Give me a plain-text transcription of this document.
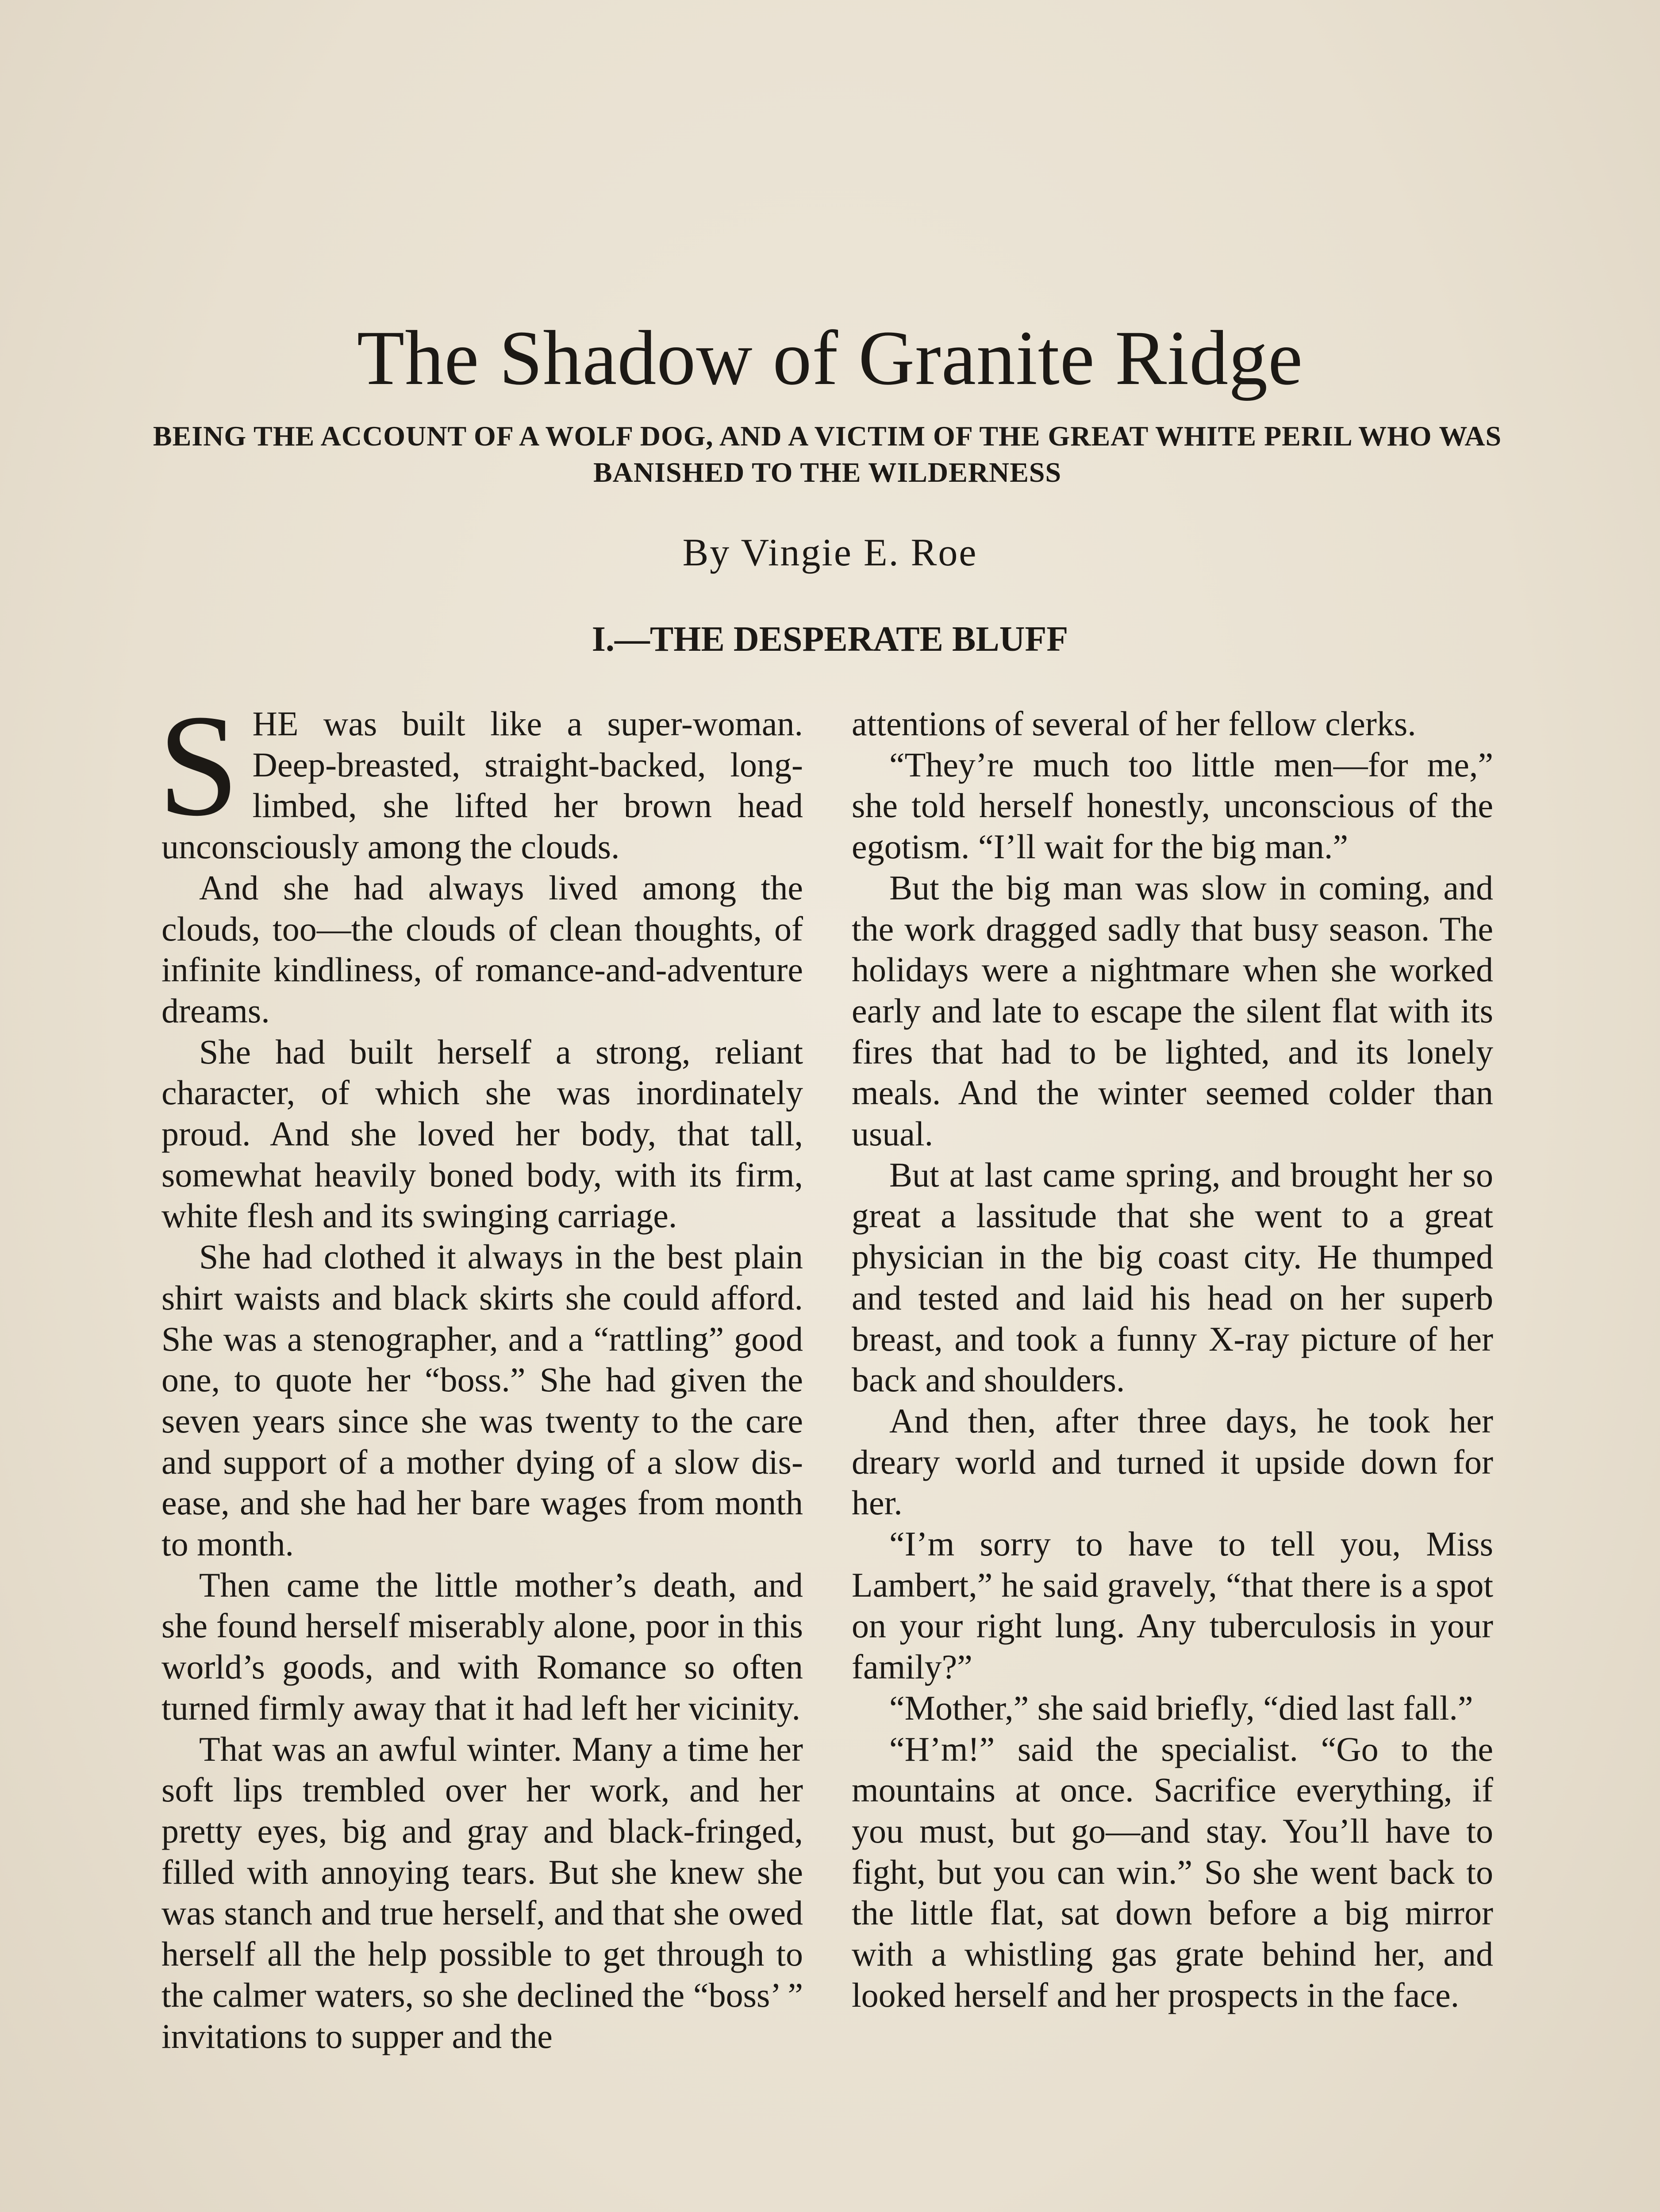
The Shadow of Granite Ridge
BEING THE ACCOUNT OF A WOLF DOG, AND A VICTIM OF THE GREAT WHITE PERIL WHO WAS BANISHED TO THE WILDERNESS
By Vingie E. Roe
I.—THE DESPERATE BLUFF

SHE was built like a super-woman. Deep-breasted, straight-backed, long-limbed, she lifted her brown head unconsciously among the clouds.

And she had always lived among the clouds, too—the clouds of clean thoughts, of infinite kindliness, of romance-and-adventure dreams.

She had built herself a strong, reliant character, of which she was inordinately proud. And she loved her body, that tall, somewhat heavily boned body, with its firm, white flesh and its swinging carriage.

She had clothed it always in the best plain shirt waists and black skirts she could afford. She was a stenographer, and a “rattling” good one, to quote her “boss.” She had given the seven years since she was twenty to the care and support of a mother dying of a slow disease, and she had her bare wages from month to month.

Then came the little mother’s death, and she found herself miserably alone, poor in this world’s goods, and with Romance so often turned firmly away that it had left her vicinity.

That was an awful winter. Many a time her soft lips trembled over her work, and her pretty eyes, big and gray and black-fringed, filled with annoying tears. But she knew she was stanch and true herself, and that she owed herself all the help possible to get through to the calmer waters, so she declined the “boss’ ” invitations to supper and the

attentions of several of her fellow clerks.

“They’re much too little men—for me,” she told herself honestly, unconscious of the egotism. “I’ll wait for the big man.”

But the big man was slow in coming, and the work dragged sadly that busy season. The holidays were a nightmare when she worked early and late to escape the silent flat with its fires that had to be lighted, and its lonely meals. And the winter seemed colder than usual.

But at last came spring, and brought her so great a lassitude that she went to a great physician in the big coast city. He thumped and tested and laid his head on her superb breast, and took a funny X-ray picture of her back and shoulders.

And then, after three days, he took her dreary world and turned it upside down for her.

“I’m sorry to have to tell you, Miss Lambert,” he said gravely, “that there is a spot on your right lung. Any tuberculosis in your family?”

“Mother,” she said briefly, “died last fall.”

“H’m!” said the specialist. “Go to the mountains at once. Sacrifice everything, if you must, but go—and stay. You’ll have to fight, but you can win.” So she went back to the little flat, sat down before a big mirror with a whistling gas grate behind her, and looked herself and her prospects in the face.
